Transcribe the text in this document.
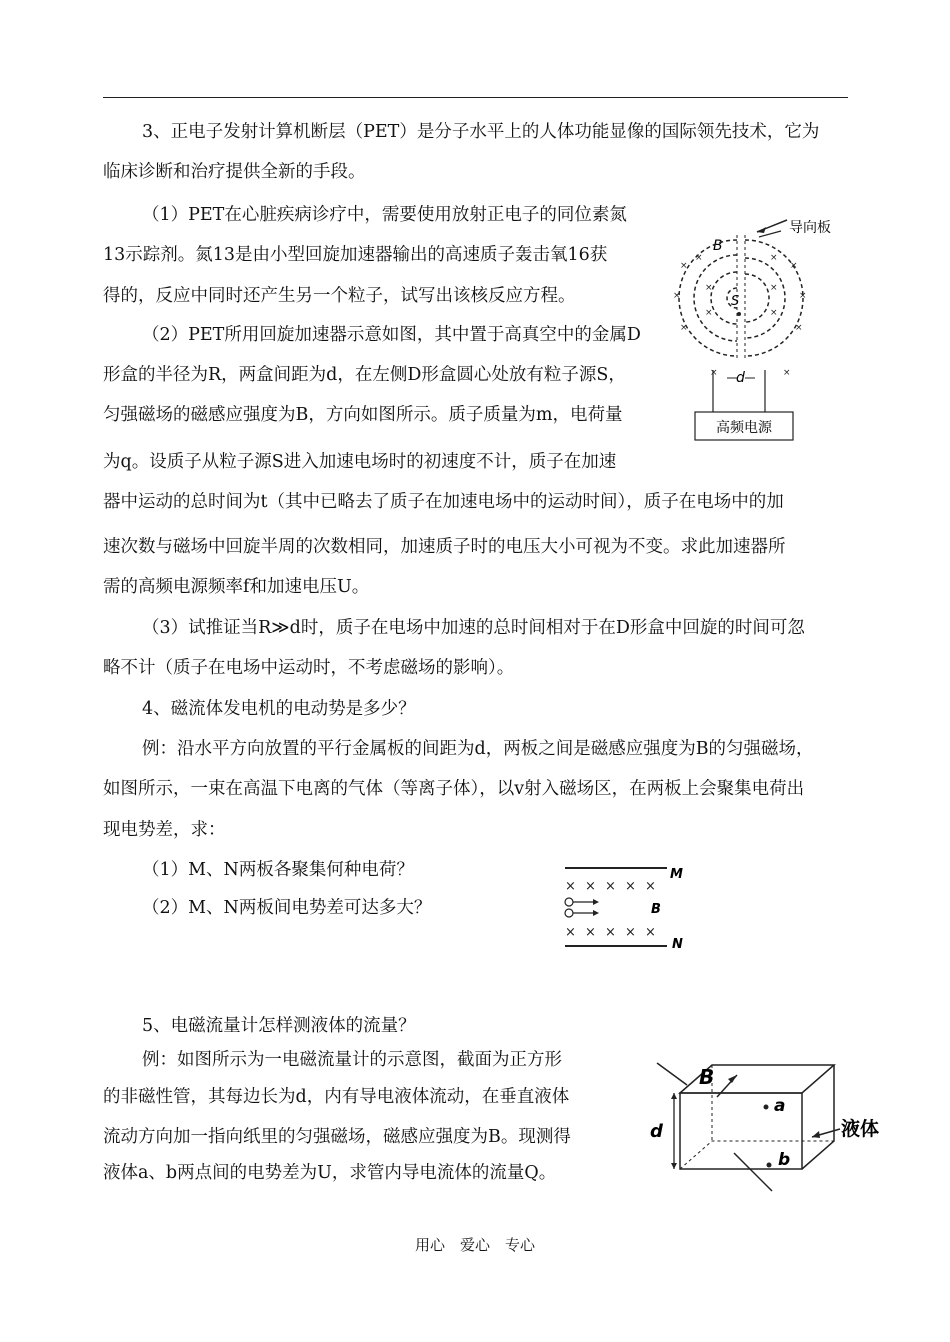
3、正电子发射计算机断层（PET）是分子水平上的人体功能显像的国际领先技术，它为
临床诊断和治疗提供全新的手段。
（1）PET在心脏疾病诊疗中，需要使用放射正电子的同位素氮
13示踪剂。氮13是由小型回旋加速器输出的高速质子轰击氧16获
得的，反应中同时还产生另一个粒子，试写出该核反应方程。
（2）PET所用回旋加速器示意如图，其中置于高真空中的金属D
形盒的半径为R，两盒间距为d，在左侧D形盒圆心处放有粒子源S，
匀强磁场的磁感应强度为B，方向如图所示。质子质量为m，电荷量
为q。设质子从粒子源S进入加速电场时的初速度不计，质子在加速
器中运动的总时间为t（其中已略去了质子在加速电场中的运动时间），质子在电场中的加
速次数与磁场中回旋半周的次数相同，加速质子时的电压大小可视为不变。求此加速器所
需的高频电源频率f和加速电压U。
（3）试推证当R≫d时，质子在电场中加速的总时间相对于在D形盒中回旋的时间可忽
略不计（质子在电场中运动时，不考虑磁场的影响）。
导向板
B
×
×	×
×
×	×
×	×
×	×
×	×
×	×
S
d
高频电源
4、磁流体发电机的电动势是多少？
例：沿水平方向放置的平行金属板的间距为d，两板之间是磁感应强度为B的匀强磁场，
如图所示，一束在高温下电离的气体（等离子体），以v射入磁场区，在两板上会聚集电荷出
现电势差，求：
（1）M、N两板各聚集何种电荷？
（2）M、N两板间电势差可达多大？
M
× × × × ×
× × × × ×
B
N
5、电磁流量计怎样测液体的流量？
例：如图所示为一电磁流量计的示意图，截面为正方形
的非磁性管，其每边长为d，内有导电液体流动，在垂直液体
流动方向加一指向纸里的匀强磁场，磁感应强度为B。现测得
液体a、b两点间的电势差为U，求管内导电流体的流量Q。
B
d
a
b
液体
用心　爱心　专心
